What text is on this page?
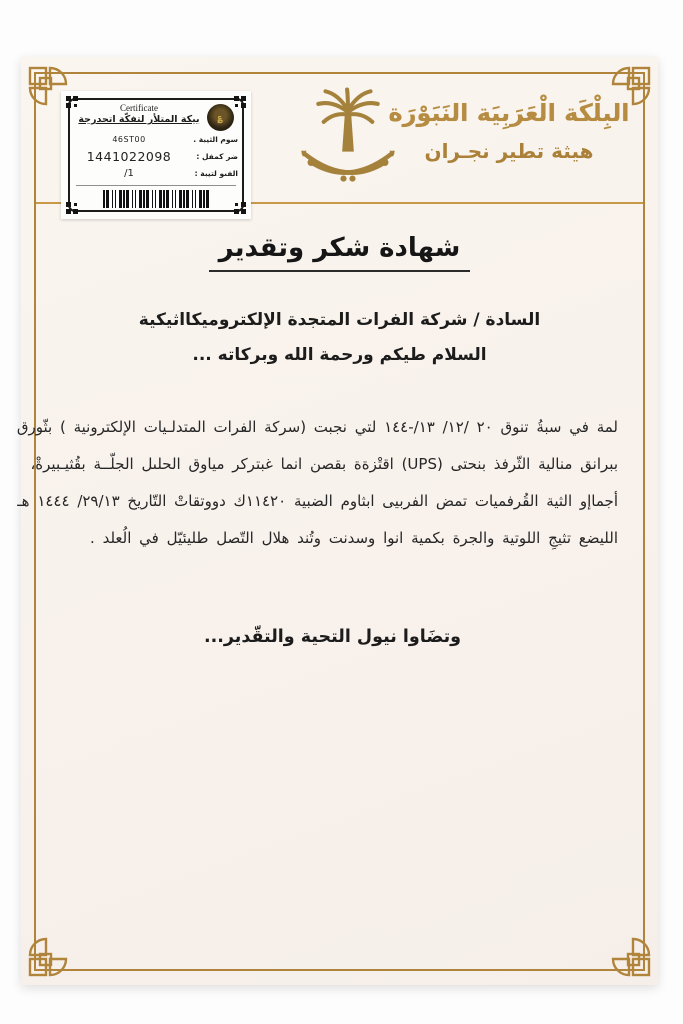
Certificate
بيكة المتلأر لتفكّة اتحدرجة ؏
46ST00	سوم الثيبة .
1441022098	ضر كمفل :
/1	الفىو لتيبة :
البِلْكَة الْعَرَبِيَة النَبَوْرَة
هيثة تطير نجـران
شهادة شكر وتقدير
السادة / شركة الفرات المتجدة الإلكتروميكااثيكية
السلام طيكم ورحمة الله وبركاته ...
لمة في سبةُ تنوق ٢٠ /١٢/ ١٣/-١٤٤ لتي نجبت (سركة الفرات المتدلـيات الإلكترونية ) بثّورق
ببرانق منالية الثّرفذ بنحتى (UPS) اقتْزةة بقصن انما غبتركر مياوق الحلىل الجلّــة بقُثيـبيرةْ،
أجماإو الثية القُرفميات تمض الفربيى ابثاوم الضبية ١١٤٢٠ك دووتقاتْ التّاريخ ٢٩/١٣/ ١٤٤٤ هـ
الليضع تثيجِ اللوتية والجرة بكمية انوا وسدنت وتُند هلال التّصل طليئيّل في الُعلد .
وتضَاوا نيول التحية والتقّدير...
